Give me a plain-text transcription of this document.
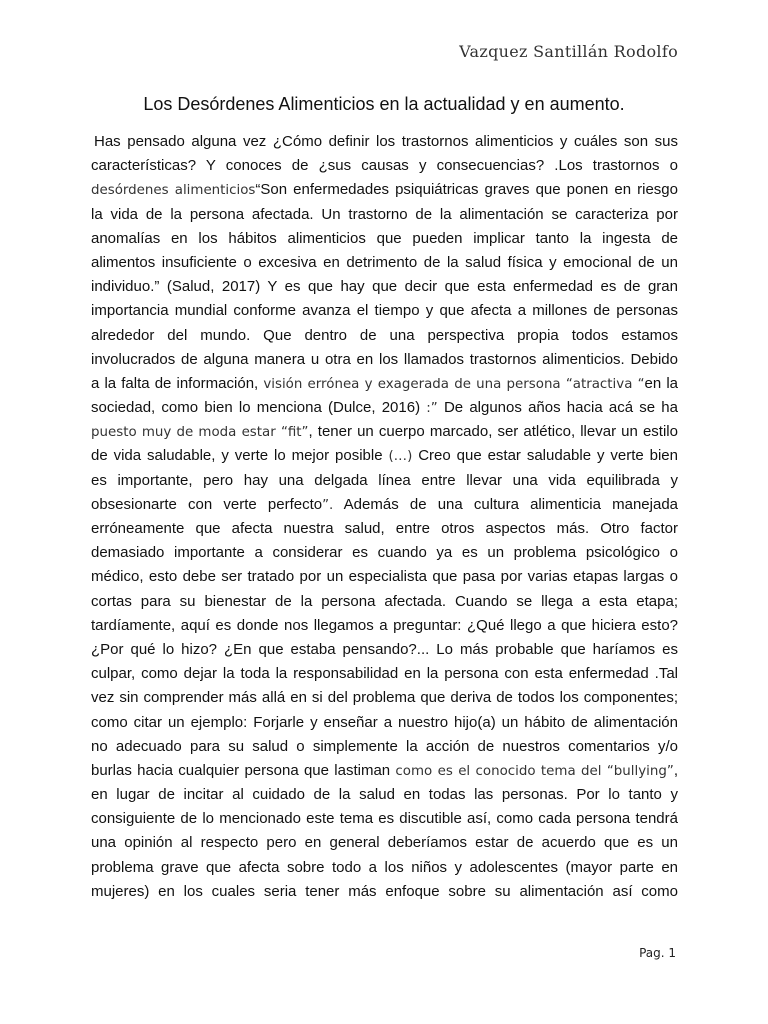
Vazquez Santillán Rodolfo
Los Desórdenes Alimenticios en la actualidad y en aumento.
Has pensado alguna vez ¿Cómo definir los trastornos alimenticios y cuáles son sus
características? Y conoces de ¿sus causas y consecuencias? .Los trastornos o
desórdenes alimenticios“Son enfermedades psiquiátricas graves que ponen en riesgo
la vida de la persona afectada. Un trastorno de la alimentación se caracteriza por
anomalías en los hábitos alimenticios que pueden implicar tanto la ingesta de
alimentos insuficiente o excesiva en detrimento de la salud física y emocional de un
individuo.” (Salud, 2017) Y es que hay que decir que esta enfermedad es de gran
importancia mundial conforme avanza el tiempo y que afecta a millones de personas
alrededor del mundo. Que dentro de una perspectiva propia todos estamos
involucrados de alguna manera u otra en los llamados trastornos alimenticios. Debido
a la falta de información, visión errónea y exagerada de una persona “atractiva “en la
sociedad, como bien lo menciona (Dulce, 2016) :” De algunos años hacia acá se ha
puesto muy de moda estar “fit”, tener un cuerpo marcado, ser atlético, llevar un estilo
de vida saludable, y verte lo mejor posible (…) Creo que estar saludable y verte bien
es importante, pero hay una delgada línea entre llevar una vida equilibrada y
obsesionarte con verte perfecto”. Además de una cultura alimenticia manejada
erróneamente que afecta nuestra salud, entre otros aspectos más. Otro factor
demasiado importante a considerar es cuando ya es un problema psicológico o
médico, esto debe ser tratado por un especialista que pasa por varias etapas largas o
cortas para su bienestar de la persona afectada. Cuando se llega a esta etapa;
tardíamente, aquí es donde nos llegamos a preguntar: ¿Qué llego a que hiciera esto?
¿Por qué lo hizo? ¿En que estaba pensando?... Lo más probable que haríamos es
culpar, como dejar la toda la responsabilidad en la persona con esta enfermedad .Tal
vez sin comprender más allá en si del problema que deriva de todos los componentes;
como citar un ejemplo: Forjarle y enseñar a nuestro hijo(a) un hábito de alimentación
no adecuado para su salud o simplemente la acción de nuestros comentarios y/o
burlas hacia cualquier persona que lastiman como es el conocido tema del “bullying”,
en lugar de incitar al cuidado de la salud en todas las personas. Por lo tanto y
consiguiente de lo mencionado este tema es discutible así, como cada persona tendrá
una opinión al respecto pero en general deberíamos estar de acuerdo que es un
problema grave que afecta sobre todo a los niños y adolescentes (mayor parte en
mujeres) en los cuales seria tener más enfoque sobre su alimentación así como
Pag. 1
